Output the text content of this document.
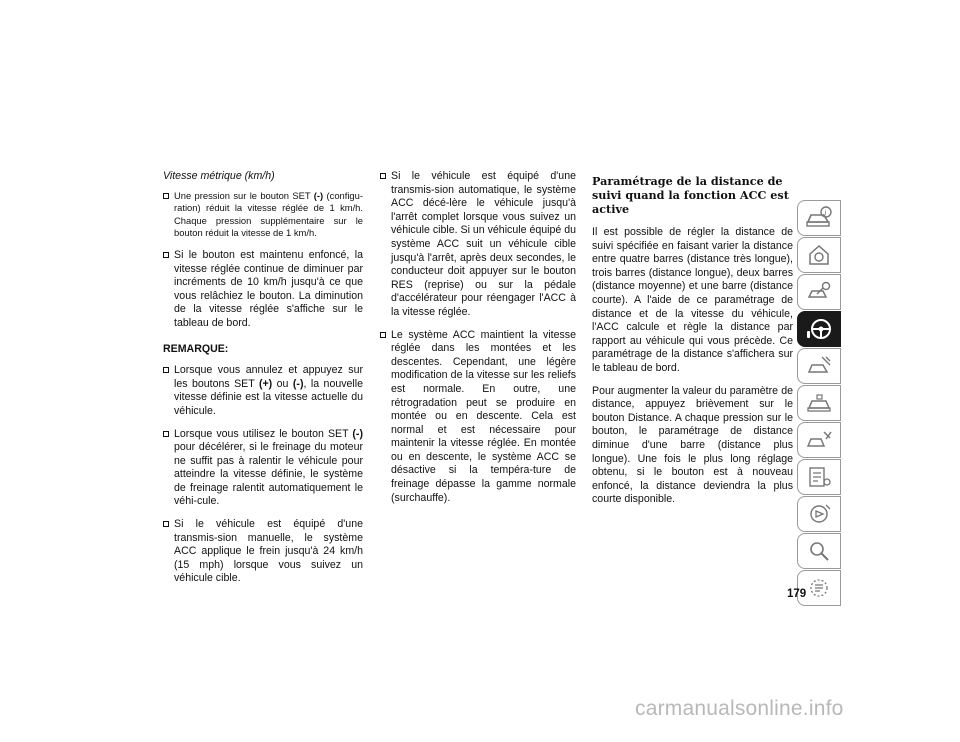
Vitesse métrique (km/h)
Une pression sur le bouton SET (-) (configu-ration) réduit la vitesse réglée de 1 km/h. Chaque pression supplémentaire sur le bouton réduit la vitesse de 1 km/h.
Si le bouton est maintenu enfoncé, la vitesse réglée continue de diminuer par incréments de 10 km/h jusqu'à ce que vous relâchiez le bouton. La diminution de la vitesse réglée s'affiche sur le tableau de bord.
REMARQUE:
Lorsque vous annulez et appuyez sur les boutons SET (+) ou (-), la nouvelle vitesse définie est la vitesse actuelle du véhicule.
Lorsque vous utilisez le bouton SET (-) pour décélérer, si le freinage du moteur ne suffit pas à ralentir le véhicule pour atteindre la vitesse définie, le système de freinage ralentit automatiquement le véhi-cule.
Si le véhicule est équipé d'une transmis-sion manuelle, le système ACC applique le frein jusqu'à 24 km/h (15 mph) lorsque vous suivez un véhicule cible.
Si le véhicule est équipé d'une transmis-sion automatique, le système ACC décé-lère le véhicule jusqu'à l'arrêt complet lorsque vous suivez un véhicule cible. Si un véhicule équipé du système ACC suit un véhicule cible jusqu'à l'arrêt, après deux secondes, le conducteur doit appuyer sur le bouton RES (reprise) ou sur la pédale d'accélérateur pour réengager l'ACC à la vitesse réglée.
Le système ACC maintient la vitesse réglée dans les montées et les descentes. Cependant, une légère modification de la vitesse sur les reliefs est normale. En outre, une rétrogradation peut se produire en montée ou en descente. Cela est normal et est nécessaire pour maintenir la vitesse réglée. En montée ou en descente, le système ACC se désactive si la tempéra-ture de freinage dépasse la gamme normale (surchauffe).
Paramétrage de la distance de suivi quand la fonction ACC est active

Il est possible de régler la distance de suivi spécifiée en faisant varier la distance entre quatre barres (distance très longue), trois barres (distance longue), deux barres (distance moyenne) et une barre (distance courte). A l'aide de ce paramétrage de distance et de la vitesse du véhicule, l'ACC calcule et règle la distance par rapport au véhicule qui vous précède. Ce paramétrage de la distance s'affichera sur le tableau de bord.

Pour augmenter la valeur du paramètre de distance, appuyez brièvement sur le bouton Distance. A chaque pression sur le bouton, le paramétrage de distance diminue d'une barre (distance plus longue). Une fois le plus long réglage obtenu, si le bouton est à nouveau enfoncé, la distance deviendra la plus courte disponible.

i
179
carmanualsonline.info
